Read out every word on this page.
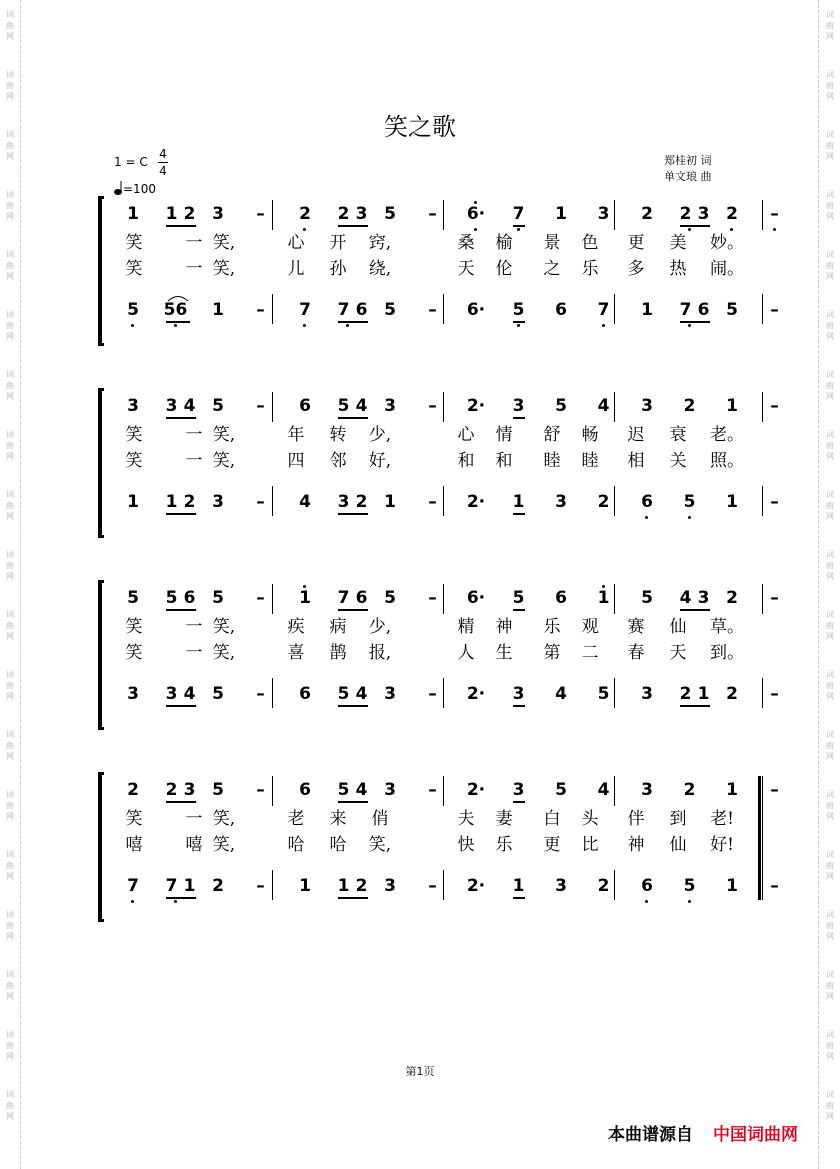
词
曲
网
词
曲
网
词
曲
网
词
曲
网
词
曲
网
词
曲
网
词
曲
网
词
曲
网
词
曲
网
词
曲
网
词
曲
网
词
曲
网
词
曲
网
词
曲
网
词
曲
网
词
曲
网
词
曲
网
词
曲
网
词
曲
网
词
曲
网
词
曲
网
词
曲
网
词
曲
网
词
曲
网
词
曲
网
词
曲
网
词
曲
网
词
曲
网
词
曲
网
词
曲
网
词
曲
网
词
曲
网
词
曲
网
词
曲
网
词
曲
网
词
曲
网
词
曲
网
词
曲
网
笑之歌
1 = C
4
4
=100
郑桂初 词
单文琅 曲
1 1 2 3	–	2 2 3 5	–	6· 7 1 3 2 2 3 2	–
5 56 1	–	7 7 6 5	–	6· 5 6 7 1 7 6 5	–
笑	一 笑,	心 开 窍,	桑 榆 景 色 更 美 妙。
笑	一 笑,	儿 孙 绕,	天 伦 之 乐 多 热 闹。
3 3 4 5	–	6 5 4 3	–	2· 3 5 4 3 2 1	–
1 1 2 3	–	4 3 2 1	–	2· 1 3 2 6 5 1	–
笑	一 笑,	年 转 少,	心 情 舒 畅 迟 衰 老。
笑	一 笑,	四 邻 好,	和 和 睦 睦 相 关 照。
5 5 6 5	–	1 7 6 5	–	6· 5 6 1 5 4 3 2	–
3 3 4 5	–	6 5 4 3	–	2· 3 4 5 3 2 1 2	–
笑	一 笑,	疾 病 少,	精 神 乐 观 赛 仙 草。
笑	一 笑,	喜 鹊 报,	人 生 第 二 春 天 到。
2 2 3 5	–	6 5 4 3	–	2· 3 5 4 3 2 1	–
7 7 1 2	–	1 1 2 3	–	2· 1 3 2 6 5 1	–
笑	一 笑,	老 来 俏	夫 妻 白 头 伴 到 老!
嘻	嘻 笑,	哈 哈 笑,	快 乐 更 比 神 仙 好!
第1页
本曲谱源自 中国词曲网
